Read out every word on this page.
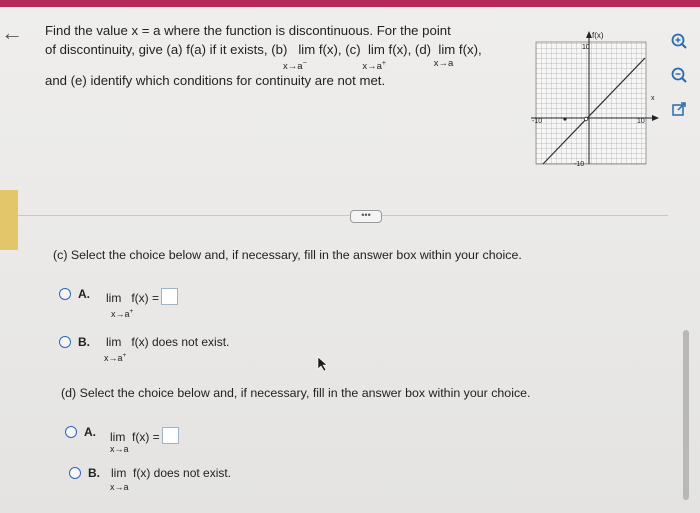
← Find the value x = a where the function is discontinuous. For the point
of discontinuity, give (a) f(a) if it exists, (b) lim
x→a−
f(x), (c) lim
x→a+
f(x), (d) lim
x→a
f(x),
and (e) identify which conditions for continuity are not met.
f(x)
x
10
-10
-10	10
•••
(c) Select the choice below and, if necessary, fill in the answer box within your choice.
A. lim f(x) =
x→a+
B. lim f(x) does not exist.
x→a+
(d) Select the choice below and, if necessary, fill in the answer box within your choice.
A. lim f(x) =
x→a
B. lim f(x) does not exist.
x→a
